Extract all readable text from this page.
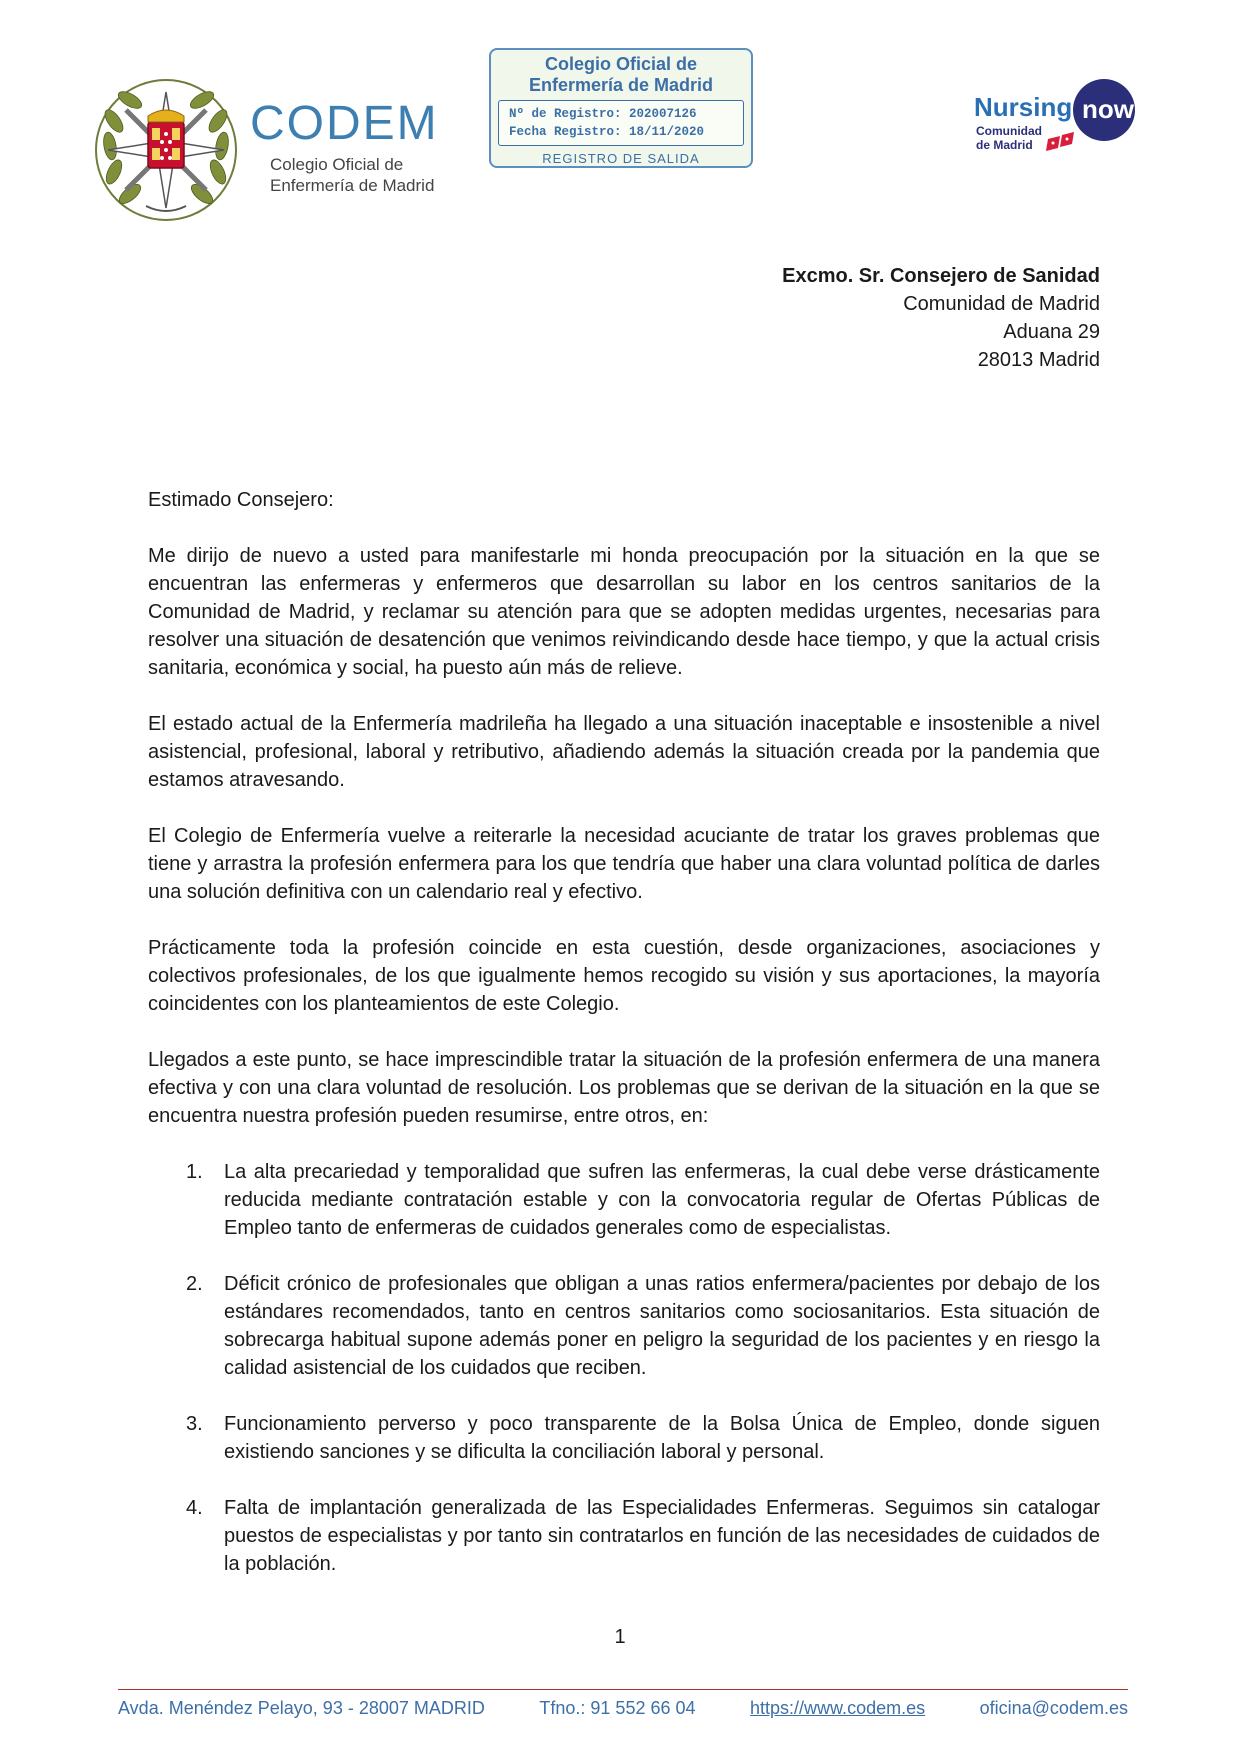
CODEM
Colegio Oficial de
Enfermería de Madrid
Colegio Oficial de
Enfermería de Madrid
Nº de Registro: 202007126
Fecha Registro: 18/11/2020
REGISTRO DE SALIDA
Nursing now
Comunidad
de Madrid
Excmo. Sr. Consejero de Sanidad
Comunidad de Madrid
Aduana 29
28013 Madrid

Estimado Consejero:

Me dirijo de nuevo a usted para manifestarle mi honda preocupación por la situación en la que se encuentran las enfermeras y enfermeros que desarrollan su labor en los centros sanitarios de la Comunidad de Madrid, y reclamar su atención para que se adopten medidas urgentes, necesarias para resolver una situación de desatención que venimos reivindicando desde hace tiempo, y que la actual crisis sanitaria, económica y social, ha puesto aún más de relieve.

El estado actual de la Enfermería madrileña ha llegado a una situación inaceptable e insostenible a nivel asistencial, profesional, laboral y retributivo, añadiendo además la situación creada por la pandemia que estamos atravesando.

El Colegio de Enfermería vuelve a reiterarle la necesidad acuciante de tratar los graves problemas que tiene y arrastra la profesión enfermera para los que tendría que haber una clara voluntad política de darles una solución definitiva con un calendario real y efectivo.

Prácticamente toda la profesión coincide en esta cuestión, desde organizaciones, asociaciones y colectivos profesionales, de los que igualmente hemos recogido su visión y sus aportaciones, la mayoría coincidentes con los planteamientos de este Colegio.

Llegados a este punto, se hace imprescindible tratar la situación de la profesión enfermera de una manera efectiva y con una clara voluntad de resolución. Los problemas que se derivan de la situación en la que se encuentra nuestra profesión pueden resumirse, entre otros, en:

1. La alta precariedad y temporalidad que sufren las enfermeras, la cual debe verse drásticamente reducida mediante contratación estable y con la convocatoria regular de Ofertas Públicas de Empleo tanto de enfermeras de cuidados generales como de especialistas.
2. Déficit crónico de profesionales que obligan a unas ratios enfermera/pacientes por debajo de los estándares recomendados, tanto en centros sanitarios como sociosanitarios. Esta situación de sobrecarga habitual supone además poner en peligro la seguridad de los pacientes y en riesgo la calidad asistencial de los cuidados que reciben.
3. Funcionamiento perverso y poco transparente de la Bolsa Única de Empleo, donde siguen existiendo sanciones y se dificulta la conciliación laboral y personal.
4. Falta de implantación generalizada de las Especialidades Enfermeras. Seguimos sin catalogar puestos de especialistas y por tanto sin contratarlos en función de las necesidades de cuidados de la población.
1
Avda. Menéndez Pelayo, 93 - 28007 MADRID	Tfno.: 91 552 66 04	https://www.codem.es	oficina@codem.es
